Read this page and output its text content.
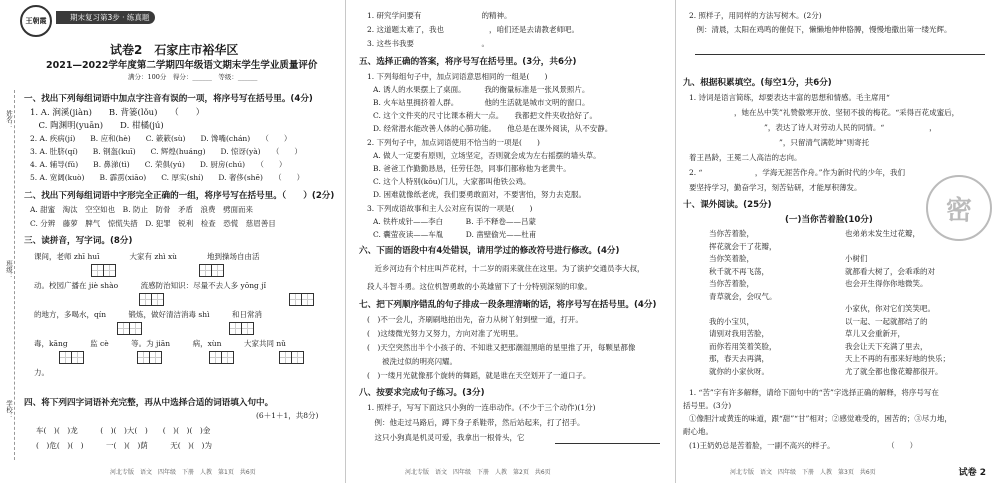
王朝霞	期末复习第3步 · 练真题
试卷2　石家庄市裕华区
2021—2022学年度第二学期四年级语文期末学生学业质量评价
满分：100分　得分：______　等级：______
姓名：
班级：
学校：
一、找出下列每组词语中加点字注音有误的一项，将序号写在括号里。(4分)
1. A. 涧溪(jiàn)　　B. 背篓(lǒu)　　（　　）
　C. 陶渊明(yuān)　　D. 柑橘(jú)
2. A. 疾病(jí)　　B. 应和(hè)　　C. 簌簌(sù)　　D. 馋嘴(chán)　　（　　）
3. A. 肚脐(qí)　　B. 钢盔(kuī)　　C. 辉煌(huáng)　　D. 惊讶(yà)　　（　　）
4. A. 辅导(fǔ)　　B. 鼻涕(tì)　　C. 荣俱(yú)　　D. 厨房(chú)　　（　　）
5. A. 宽阔(kuò)　　B. 霹雳(xiāo)　　C. 厚实(shí)　　D. 奢侈(shē)　　（　　）
二、找出下列每组词语中字形完全正确的一组，将序号写在括号里。（　　）(2分)
A. 甜蜜　淘汰　空空如也　B. 防止　防骨　矛盾　浪费　劈面而来
C. 分辨　藤萝　脾气　惊慌失措　D. 犯罪　锐利　检查　恐慌　慈眉善目
三、读拼音，写字词。(8分)
课间，老师 zhī huī　　　　大家有 zhì xù　　　　地到操场自由活
动。校园广播在 jiè shào　　　流感防治知识：尽量不去人多 yōng jǐ
的地方，多喝水，qín　　　锻炼，做好清洁消毒 shì　　　和日常消
毒，kāng　　　监 cè　　　等。为 jiān　　　病，xùn　　　大家共同 nǔ
力。
四、将下列四字词语补充完整，再从中选择合适的词语填入句中。
(6＋1＋1，共8分)
车(　)(　)龙　　　(　)(　)大(　)　　(　)(　)(　)金
(　)危(　)(　)　　　一(　)(　)荫　　　无(　)(　)为
河北专版　语文　四年级　下册　人教　第1页　共6页
1. 研究学问要有　　　　　　　　的精神。
2. 这道题太难了，我也　　　　　　，咱们还是去请教老师吧。
3. 这些书我要　　　　　　　　　。
五、选择正确的答案，将序号写在括号里。(3分，共6分)
1. 下列每组句子中，加点词语意思相同的一组是(　　)
A. 诱人的水果摆上了桌面。　　　我的衡量标准是一张风景照片。
B. 火车站里拥挤着人群。　　　　他的生活就是城市文明的窗口。
C. 这个文件夹的尺寸比课本稍大一点。　　我都把文件夹收拾好了。
D. 经常潜水能改善人体的心肺功能。　　他总是在课外阅读，从不安静。
2. 下列句子中，加点词语使用不恰当的一项是(　　)
A. 做人一定要有原则，立场坚定，否则就会成为左右摇摆的墙头草。
B. 爸爸工作勤勤恳恳，任劳任怨，同事们都称他为老黄牛。
C. 这个人特别(kǒu)门儿，大家都叫他铁公鸡。
D. 困难就像纸老虎，我们要勇敢面对，不要害怕，努力去克服。
3. 下列成语故事和主人公对应有误的一项是(　　)
A. 铁杵成针——李白　　　B. 手不释卷——吕蒙
C. 囊萤夜读——车胤　　　D. 凿壁偷光——杜甫
六、下面的语段中有4处错误，请用学过的修改符号进行修改。(4分)
　近乡河边有个村庄叫芦花村，十二岁的雨来就住在这里。为了演护交通员李大叔，
段人斗智斗勇。这位机智勇敢的小英雄留下了十分特别深刻的印象。
七、把下列顺序错乱的句子排成一段条理清晰的话，将序号写在括号里。(4分)
(　)不一会儿，齐刷刷地拍出先，奋力从树丫射到壁一道，打开。
(　)这缕微光努力又努力，方向对准了光明里。
(　)天空突然出半个小孩子的、不知谁又把那潮湿黑暗的星里推了开，每颗星都像
　　被洗过似的明亮闪耀。
(　)一缕月光就像那个旋转的舞蹈，就是谁在天空划开了一道口子。
八、按要求完成句子练习。(3分)
1. 照样子，写写下面这只小狗的一连串动作。(不少于三个动作)(1分)
　例：他走过马路后，蹲下身子系鞋带，然后站起来，打了招手。
　这只小狗真是机灵可爱，我拿出一根骨头，它
河北专版　语文　四年级　下册　人教　第2页　共6页
2. 照样子，用同样的方法写树木。(2分)
　例：清晨，太阳在鸡鸣的催促下，懒懒地伸伸胳膊，慢慢地撒出第一缕光辉。
九、根据积累填空。(每空1分，共6分)
1. 诗词是语言简练，却要表达丰富的思想和情感。毛主席用“　　　　　
　　　　　　，她在丛中笑”礼赞傲寒开放、坚韧不拔的梅花。“采得百花成蜜后，
　　　　　　　　　　”，表达了诗人对劳动人民的同情。“　　　　　　，
　　　　　　　　　　　　”，只留清气满乾坤”则寄托
着王昌龄，王冕二人高洁的志向。
2. “　　　　　　　，学海无涯苦作舟。”作为新时代的少年，我们
要坚持学习，勤奋学习，刻苦钻研，才能厚积薄发。
十、课外阅读。(25分)
(一)当你苦着脸(10分)
当你苦着脸，
挥花就会干了花瓣，
当你笑着脸，
秋千就不再飞荡，
当你苦着脸，
青草就会，会叹气。
我的小宝贝，
请别对我用苦脸，
而你若用笑着笑脸，
那，春天去再满，
就你的小家伙呀。
也弟弟未发生过花瓣，
小树们
就都看大树了，会乖乖的对
也会开生得你你地微笑。
小家伙，你对它们笑笑吧。
以一起、一起就都结了的
草儿又会重新开，
我会让天下充满了里去，
天上不再的有那来好地的快乐；
尤了就全都也像花瓣都很开。
1. “苦”字有许多解释，请给下面句中的“苦”字选择正确的解释，将序号写在
括号里。(3分)
①像胆汁或黄连的味道，跟“甜”“甘”相对；②感觉难受的，困苦的；③尽力地，
耐心地。
(1)王奶奶总是苦着脸，一副不高兴的样子。　　　　　　　　（　　）
密
试卷 2
河北专版　语文　四年级　下册　人教　第3页　共6页
